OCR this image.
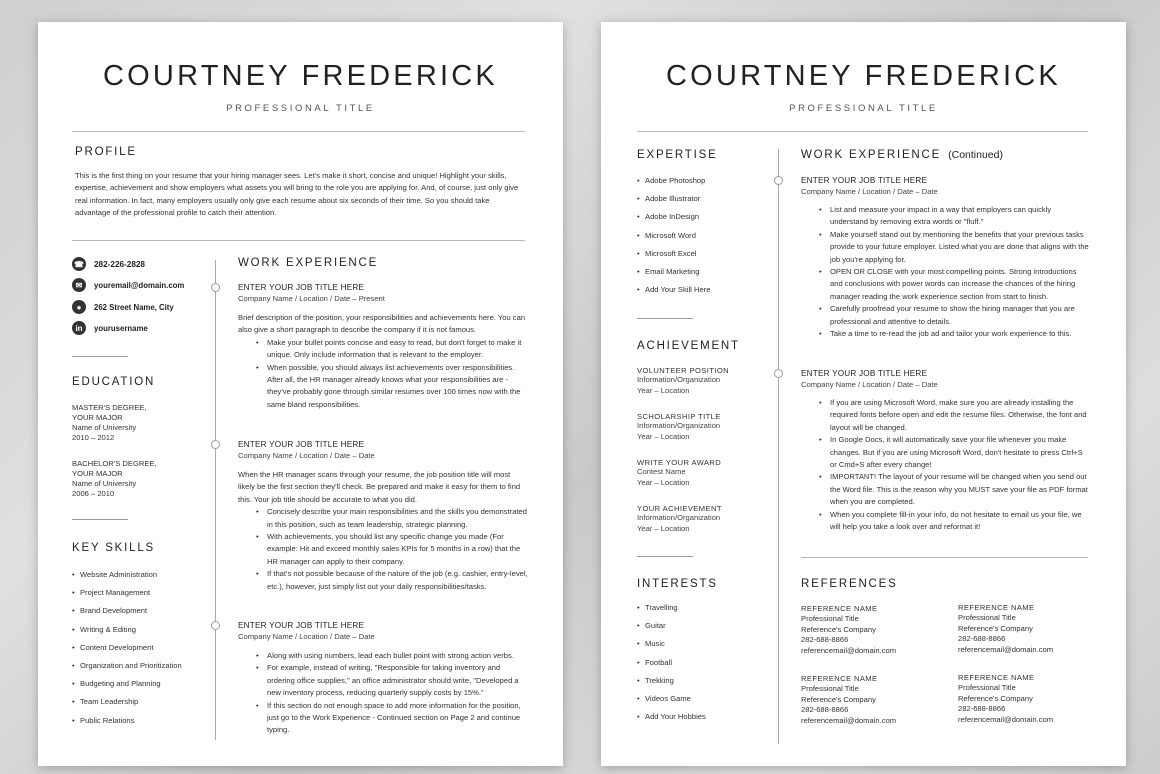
COURTNEY FREDERICK
PROFESSIONAL TITLE
PROFILE
This is the first thing on your resume that your hiring manager sees. Let's make it short, concise and unique! Highlight your skills, expertise, achievement and show employers what assets you will bring to the role you are applying for. And, of course, just only give real information. In fact, many employers usually only give each resume about six seconds of their time. So you should take advantage of the professional profile to catch their attention.
☎ 282-226-2828
✉	youremail@domain.com
●	262 Street Name, City
in	yourusername
EDUCATION
MASTER'S DEGREE,
YOUR MAJOR
Name of University
2010 – 2012
BACHELOR'S DEGREE,
YOUR MAJOR
Name of University
2006 – 2010
KEY SKILLS
• Website Administration
• Project Management
• Brand Development
• Writing & Editing
• Content Development
• Organization and Prioritization
• Budgeting and Planning
• Team Leadership
• Public Relations
WORK EXPERIENCE
ENTER YOUR JOB TITLE HERE
Company Name / Location / Date – Present
Brief description of the position, your responsibilities and achievements here. You can also give a short paragraph to describe the company if it is not famous.
• Make your bullet points concise and easy to read, but don't forget to make it unique. Only include information that is relevant to the employer.
• When possible, you should always list achievements over responsibilities. After all, the HR manager already knows what your responsibilities are - they've probably gone through similar resumes over 100 times now with the same bland responsibilities.
ENTER YOUR JOB TITLE HERE
Company Name / Location / Date – Date
When the HR manager scans through your resume, the job position title will most likely be the first section they'll check. Be prepared and make it easy for them to find this. Your job title should be accurate to what you did.
• Concisely describe your main responsibilities and the skills you demonstrated in this position, such as team leadership, strategic planning.
• With achievements, you should list any specific change you made (For example: Hit and exceed monthly sales KPIs for 5 months in a row) that the HR manager can apply to their company.
• If that's not possible because of the nature of the job (e.g. cashier, entry-level, etc.), however, just simply list out your daily responsibilities/tasks.
ENTER YOUR JOB TITLE HERE
Company Name / Location / Date – Date
• Along with using numbers, lead each bullet point with strong action verbs.
• For example, instead of writing, "Responsible for taking inventory and ordering office supplies," an office administrator should write, "Developed a new inventory process, reducing quarterly supply costs by 15%."
• If this section do not enough space to add more information for the position, just go to the Work Experience - Continued section on Page 2 and continue typing.
COURTNEY FREDERICK
PROFESSIONAL TITLE
EXPERTISE
• Adobe Photoshop
• Adobe Illustrator
• Adobe InDesign
• Microsoft Word
• Microsoft Excel
• Email Marketing
• Add Your Skill Here
ACHIEVEMENT
VOLUNTEER POSITION
Information/Organization
Year – Location
SCHOLARSHIP TITLE
Information/Organization
Year – Location
WRITE YOUR AWARD
Contest Name
Year – Location
YOUR ACHIEVEMENT
Information/Organization
Year – Location
INTERESTS
• Travelling
• Guitar
• Music
• Football
• Trekking
• Videos Game
• Add Your Hobbies
WORK EXPERIENCE (Continued)
ENTER YOUR JOB TITLE HERE
Company Name / Location / Date – Date
• List and measure your impact in a way that employers can quickly understand by removing extra words or "fluff."
• Make yourself stand out by mentioning the benefits that your previous tasks provide to your future employer. Listed what you are done that aligns with the job you're applying for.
• OPEN OR CLOSE with your most compelling points. Strong introductions and conclusions with power words can increase the chances of the hiring manager reading the work experience section from start to finish.
• Carefully proofread your resume to show the hiring manager that you are professional and attentive to details.
• Take a time to re-read the job ad and tailor your work experience to this.
ENTER YOUR JOB TITLE HERE
Company Name / Location / Date – Date
• If you are using Microsoft Word, make sure you are already installing the required fonts before open and edit the resume files. Otherwise, the font and layout will be changed.
• In Google Docs, it will automatically save your file whenever you make changes. But if you are using Microsoft Word, don't hesitate to press Ctrl+S or Cmd+S after every change!
• IMPORTANT! The layout of your resume will be changed when you send out the Word file. This is the reason why you MUST save your file as PDF format when you are completed.
• When you complete fill-in your info, do not hesitate to email us your file, we will help you take a look over and reformat it!
REFERENCES
REFERENCE NAME
Professional Title
Reference's Company
282-688-8866
referencemail@domain.com
REFERENCE NAME
Professional Title
Reference's Company
282-688-8866
referencemail@domain.com
REFERENCE NAME
Professional Title
Reference's Company
282-688-8866
referencemail@domain.com
REFERENCE NAME
Professional Title
Reference's Company
282-688-8866
referencemail@domain.com
